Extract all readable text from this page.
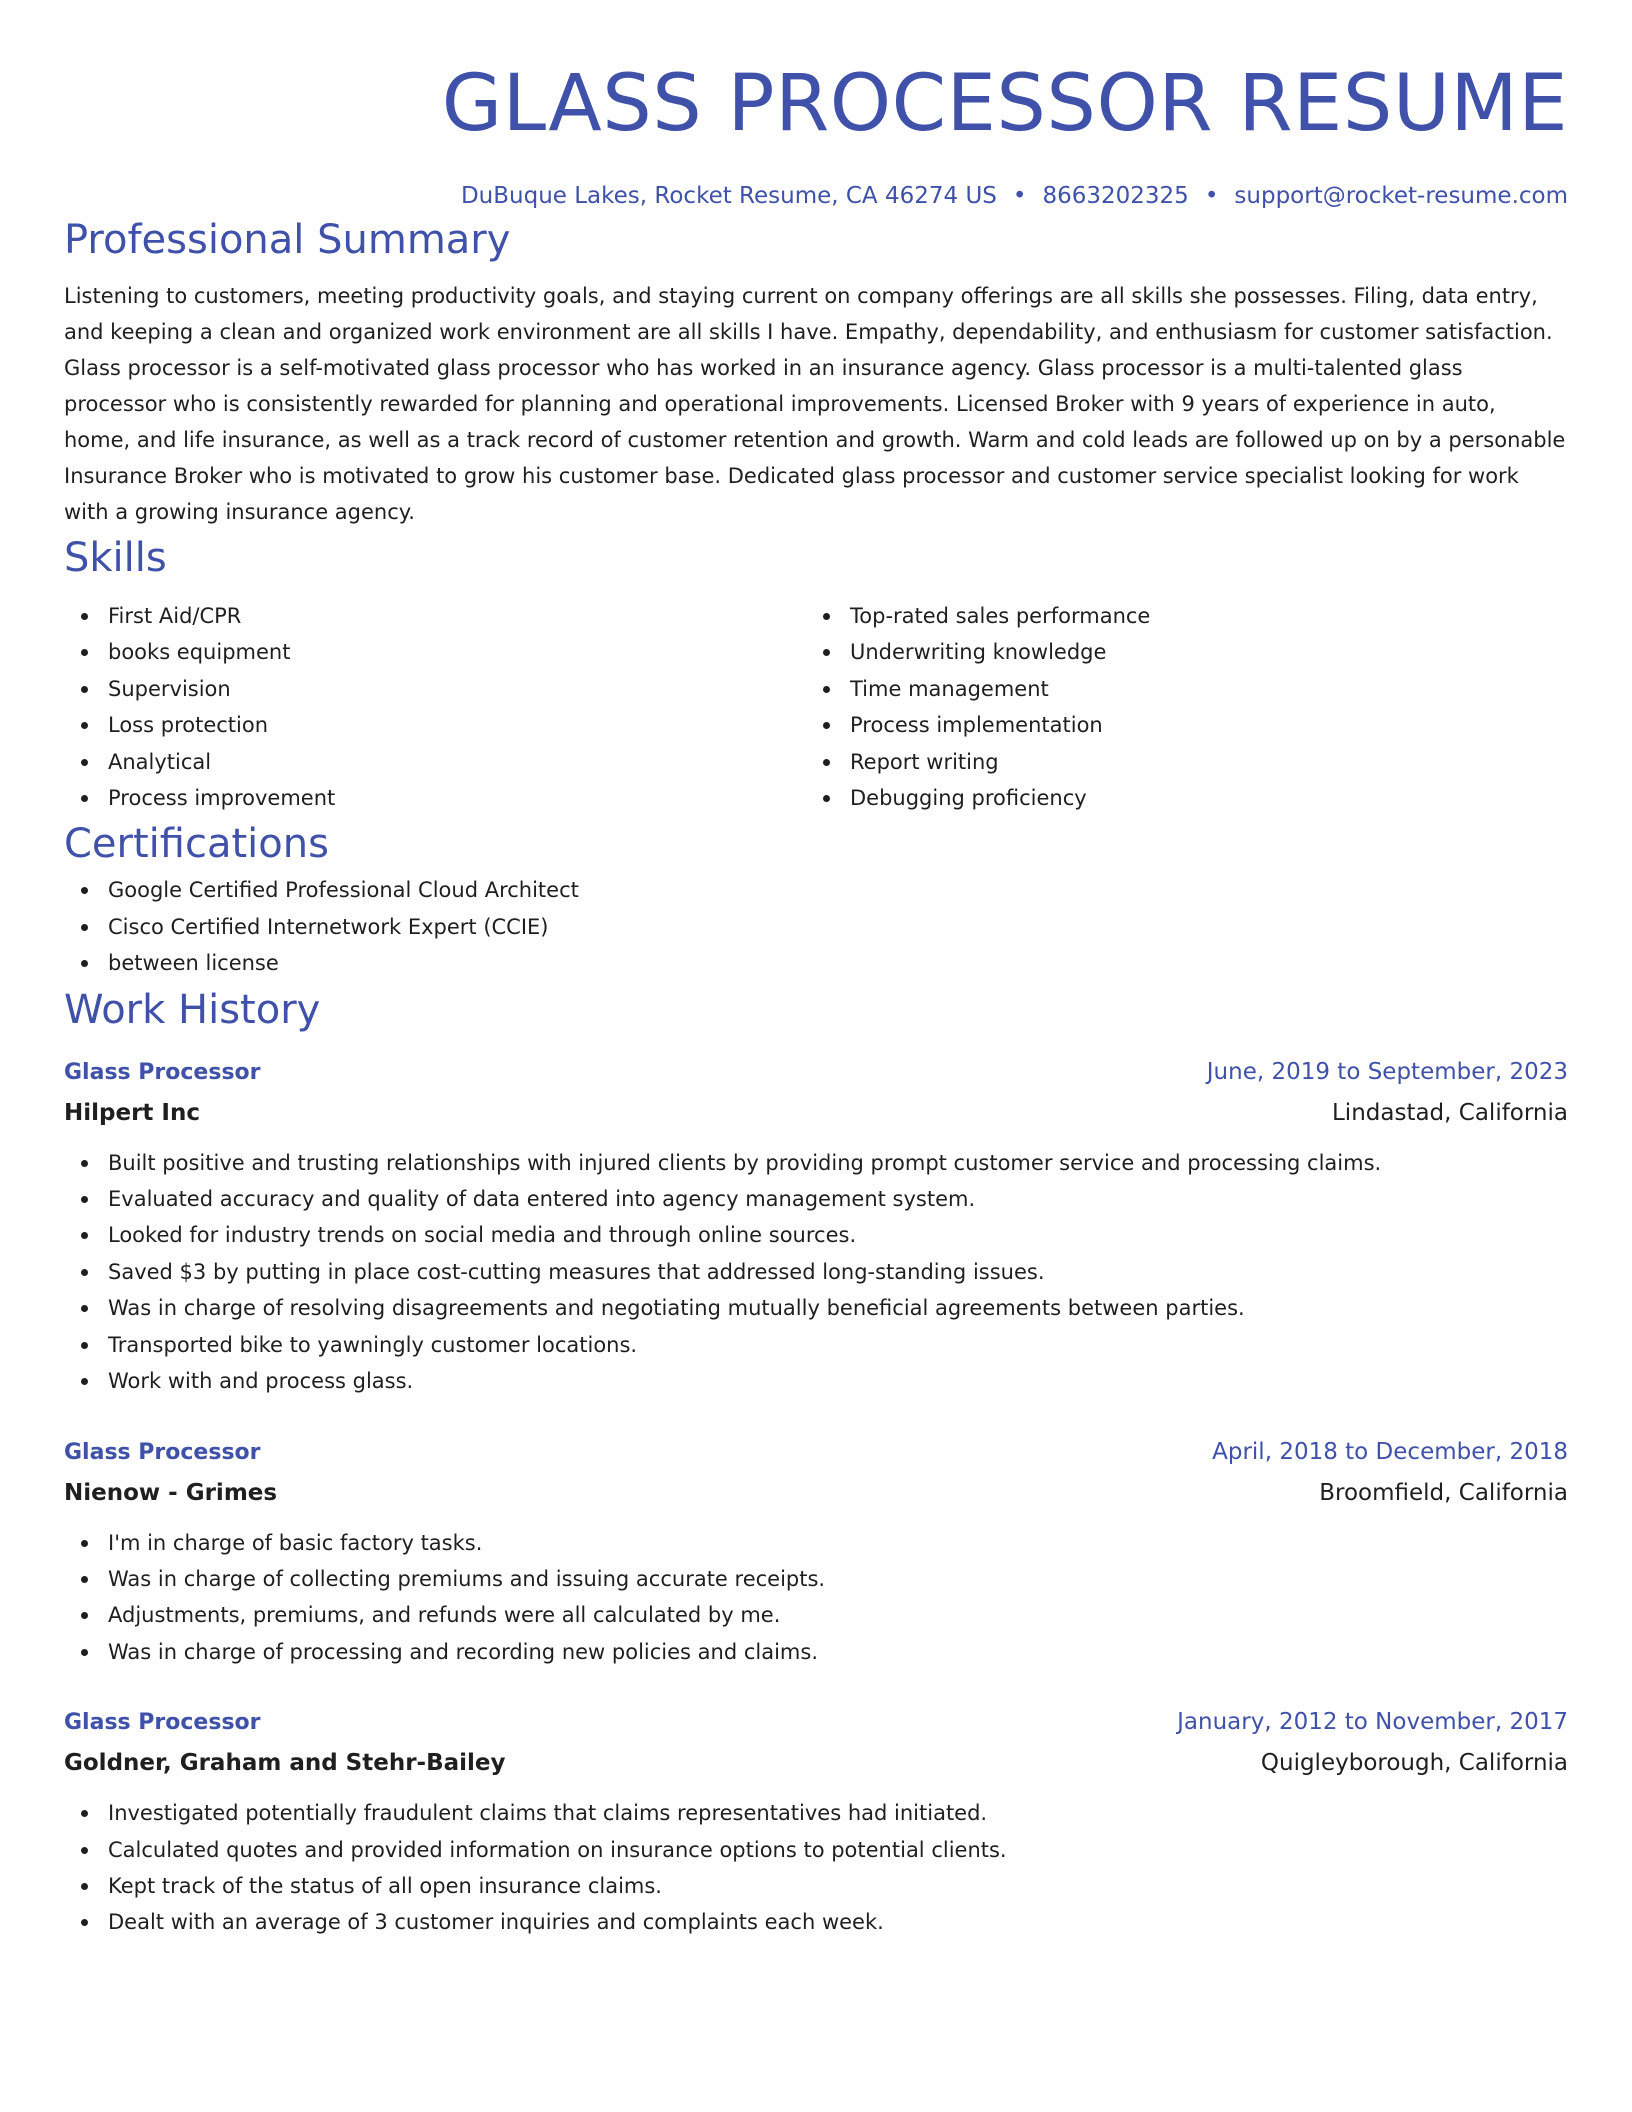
GLASS PROCESSOR RESUME
DuBuque Lakes, Rocket Resume, CA 46274 US • 8663202325 • support@rocket-resume.com
Professional Summary

Listening to customers, meeting productivity goals, and staying current on company offerings are all skills she possesses. Filing, data entry, and keeping a clean and organized work environment are all skills I have. Empathy, dependability, and enthusiasm for customer satisfaction. Glass processor is a self-motivated glass processor who has worked in an insurance agency. Glass processor is a multi-talented glass processor who is consistently rewarded for planning and operational improvements. Licensed Broker with 9 years of experience in auto, home, and life insurance, as well as a track record of customer retention and growth. Warm and cold leads are followed up on by a personable Insurance Broker who is motivated to grow his customer base. Dedicated glass processor and customer service specialist looking for work with a growing insurance agency.

Skills
First Aid/CPR
books equipment
Supervision
Loss protection
Analytical
Process improvement
Top-rated sales performance
Underwriting knowledge
Time management
Process implementation
Report writing
Debugging proficiency
Certifications
Google Certified Professional Cloud Architect
Cisco Certified Internetwork Expert (CCIE)
between license
Work History
Glass Processor	June, 2019 to September, 2023
Hilpert Inc	Lindastad, California
Built positive and trusting relationships with injured clients by providing prompt customer service and processing claims.
Evaluated accuracy and quality of data entered into agency management system.
Looked for industry trends on social media and through online sources.
Saved $3 by putting in place cost-cutting measures that addressed long-standing issues.
Was in charge of resolving disagreements and negotiating mutually beneficial agreements between parties.
Transported bike to yawningly customer locations.
Work with and process glass.
Glass Processor	April, 2018 to December, 2018
Nienow - Grimes	Broomfield, California
I'm in charge of basic factory tasks.
Was in charge of collecting premiums and issuing accurate receipts.
Adjustments, premiums, and refunds were all calculated by me.
Was in charge of processing and recording new policies and claims.
Glass Processor	January, 2012 to November, 2017
Goldner, Graham and Stehr-Bailey	Quigleyborough, California
Investigated potentially fraudulent claims that claims representatives had initiated.
Calculated quotes and provided information on insurance options to potential clients.
Kept track of the status of all open insurance claims.
Dealt with an average of 3 customer inquiries and complaints each week.
